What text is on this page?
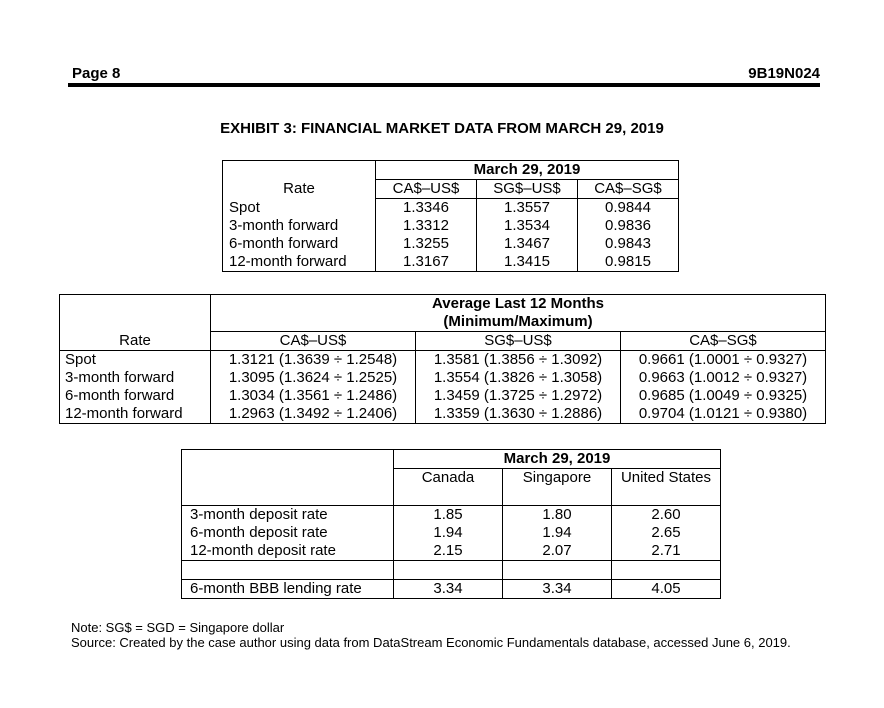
Page 8	9B19N024
EXHIBIT 3: FINANCIAL MARKET DATA FROM MARCH 29, 2019
	March 29, 2019		
Rate	CA$–US$	SG$–US$	CA$–SG$
Spot	1.3346	1.3557	0.9844
3-month forward	1.3312	1.3534	0.9836
6-month forward	1.3255	1.3467	0.9843
12-month forward	1.3167	1.3415	0.9815

	Average Last 12 Months
(Minimum/Maximum)		

Rate	CA$–US$	SG$–US$	CA$–SG$
Spot	1.3121 (1.3639 ÷ 1.2548)	1.3581 (1.3856 ÷ 1.3092)	0.9661 (1.0001 ÷ 0.9327)
3-month forward	1.3095 (1.3624 ÷ 1.2525)	1.3554 (1.3826 ÷ 1.3058)	0.9663 (1.0012 ÷ 0.9327)
6-month forward	1.3034 (1.3561 ÷ 1.2486)	1.3459 (1.3725 ÷ 1.2972)	0.9685 (1.0049 ÷ 0.9325)
12-month forward	1.2963 (1.3492 ÷ 1.2406)	1.3359 (1.3630 ÷ 1.2886)	0.9704 (1.0121 ÷ 0.9380)
	March 29, 2019		
	Canada	Singapore	United States
3-month deposit rate	1.85	1.80	2.60
6-month deposit rate	1.94	1.94	2.65
12-month deposit rate	2.15	2.07	2.71

6-month BBB lending rate	3.34	3.34	4.05
Note: SG$ = SGD = Singapore dollar
Source: Created by the case author using data from DataStream Economic Fundamentals database, accessed June 6, 2019.
